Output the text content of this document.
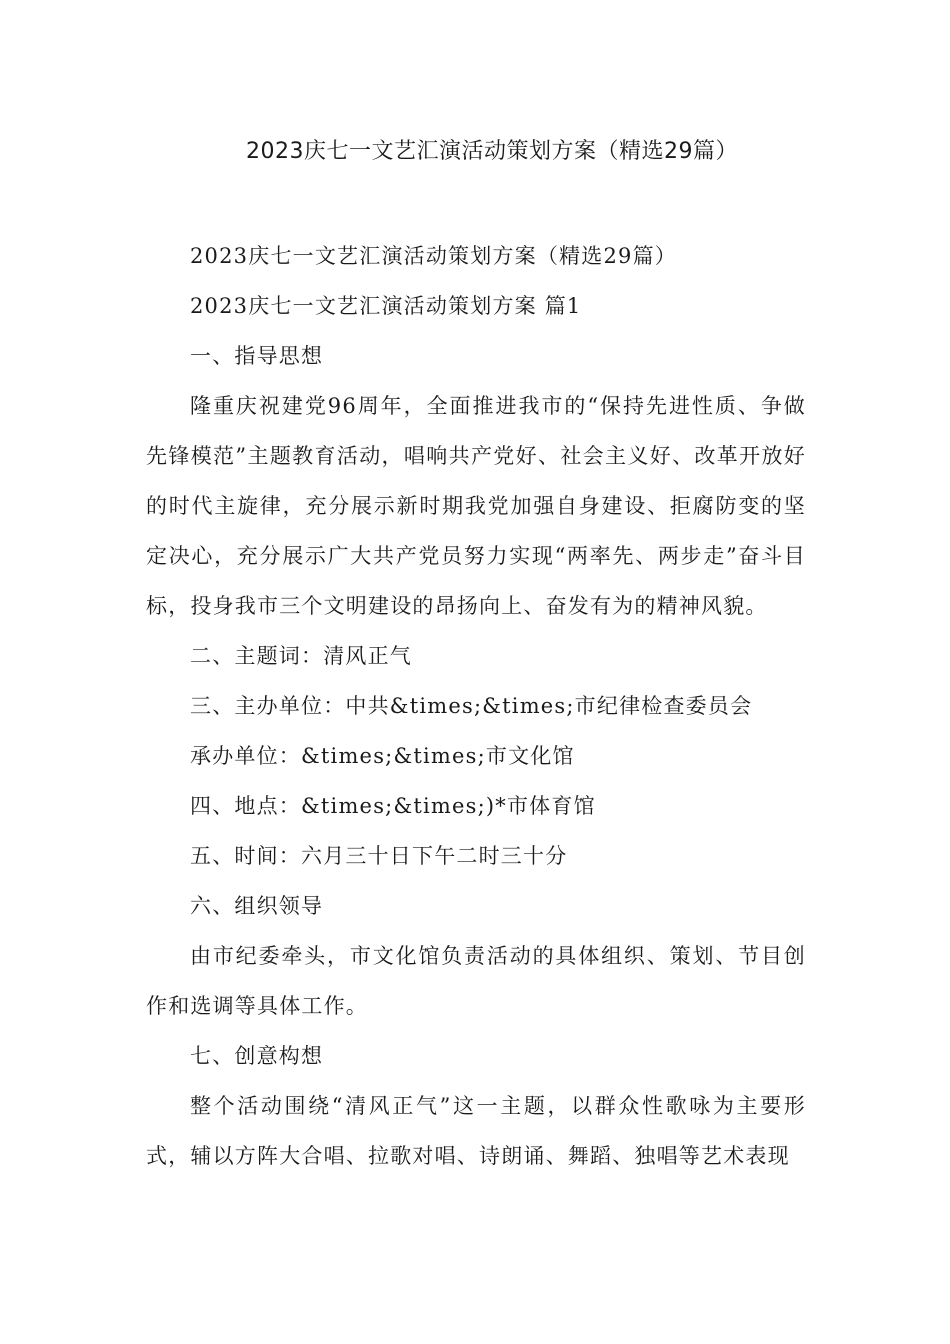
2023庆七一文艺汇演活动策划方案（精选29篇）

2023庆七一文艺汇演活动策划方案（精选29篇）

2023庆七一文艺汇演活动策划方案 篇1

一、指导思想

隆重庆祝建党96周年，全面推进我市的“保持先进性质、争做先锋模范”主题教育活动，唱响共产党好、社会主义好、改革开放好的时代主旋律，充分展示新时期我党加强自身建设、拒腐防变的坚定决心，充分展示广大共产党员努力实现“两率先、两步走”奋斗目标，投身我市三个文明建设的昂扬向上、奋发有为的精神风貌。

二、主题词：清风正气

三、主办单位：中共&times;&times;市纪律检查委员会

承办单位：&times;&times;市文化馆

四、地点：&times;&times;)*市体育馆

五、时间：六月三十日下午二时三十分

六、组织领导

由市纪委牵头，市文化馆负责活动的具体组织、策划、节目创作和选调等具体工作。

七、创意构想

整个活动围绕“清风正气”这一主题，以群众性歌咏为主要形式，辅以方阵大合唱、拉歌对唱、诗朗诵、舞蹈、独唱等艺术表现
